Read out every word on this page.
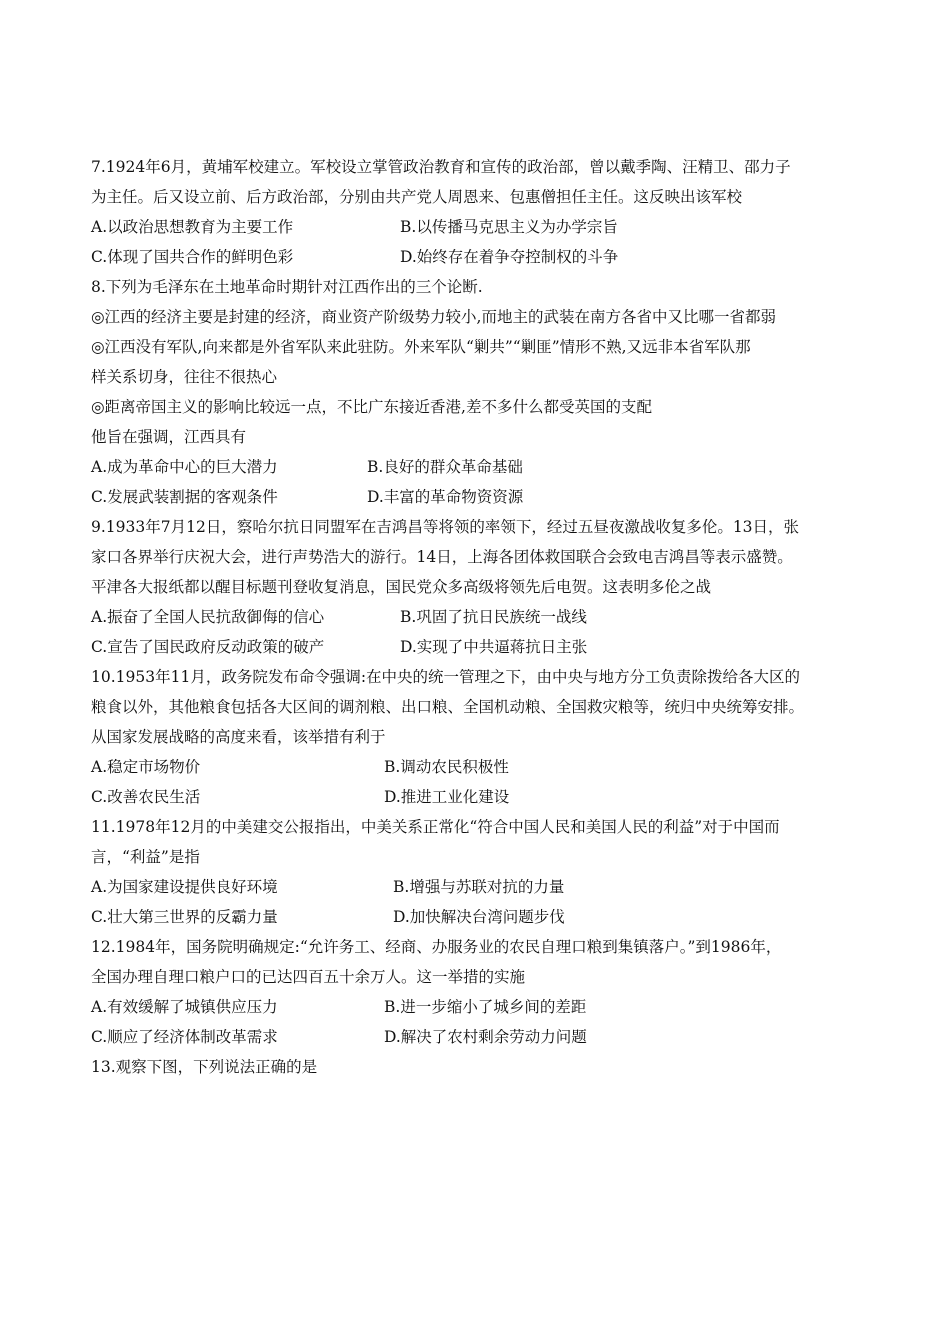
7.1924年6月，黄埔军校建立。军校设立掌管政治教育和宣传的政治部，曾以戴季陶、汪精卫、邵力子
为主任。后又设立前、后方政治部，分别由共产党人周恩来、包惠僧担任主任。这反映出该军校
A.以政治思想教育为主要工作	B.以传播马克思主义为办学宗旨
C.体现了国共合作的鲜明色彩	D.始终存在着争夺控制权的斗争
8.下列为毛泽东在土地革命时期针对江西作出的三个论断.
◎江西的经济主要是封建的经济，商业资产阶级势力较小,而地主的武装在南方各省中又比哪一省都弱
◎江西没有军队,向来都是外省军队来此驻防。外来军队“剿共”“剿匪”情形不熟,又远非本省军队那
样关系切身，往往不很热心
◎距离帝国主义的影响比较远一点，不比广东接近香港,差不多什么都受英国的支配
他旨在强调，江西具有
A.成为革命中心的巨大潜力	B.良好的群众革命基础
C.发展武装割据的客观条件	D.丰富的革命物资资源
9.1933年7月12日，察哈尔抗日同盟军在吉鸿昌等将领的率领下，经过五昼夜激战收复多伦。13日，张
家口各界举行庆祝大会，进行声势浩大的游行。14日，上海各团体救国联合会致电吉鸿昌等表示盛赞。
平津各大报纸都以醒目标题刊登收复消息，国民党众多高级将领先后电贺。这表明多伦之战
A.振奋了全国人民抗敌御侮的信心	B.巩固了抗日民族统一战线
C.宣告了国民政府反动政策的破产	D.实现了中共逼蒋抗日主张
10.1953年11月，政务院发布命令强调:在中央的统一管理之下，由中央与地方分工负责除拨给各大区的
粮食以外，其他粮食包括各大区间的调剂粮、出口粮、全国机动粮、全国救灾粮等，统归中央统筹安排。
从国家发展战略的高度来看，该举措有利于
A.稳定市场物价	B.调动农民积极性
C.改善农民生活	D.推进工业化建设
11.1978年12月的中美建交公报指出，中美关系正常化“符合中国人民和美国人民的利益”对于中国而
言，“利益”是指
A.为国家建设提供良好环境	B.增强与苏联对抗的力量
C.壮大第三世界的反霸力量	D.加快解决台湾问题步伐
12.1984年，国务院明确规定:“允许务工、经商、办服务业的农民自理口粮到集镇落户。”到1986年，
全国办理自理口粮户口的已达四百五十余万人。这一举措的实施
A.有效缓解了城镇供应压力	B.进一步缩小了城乡间的差距
C.顺应了经济体制改革需求	D.解决了农村剩余劳动力问题
13.观察下图，下列说法正确的是
